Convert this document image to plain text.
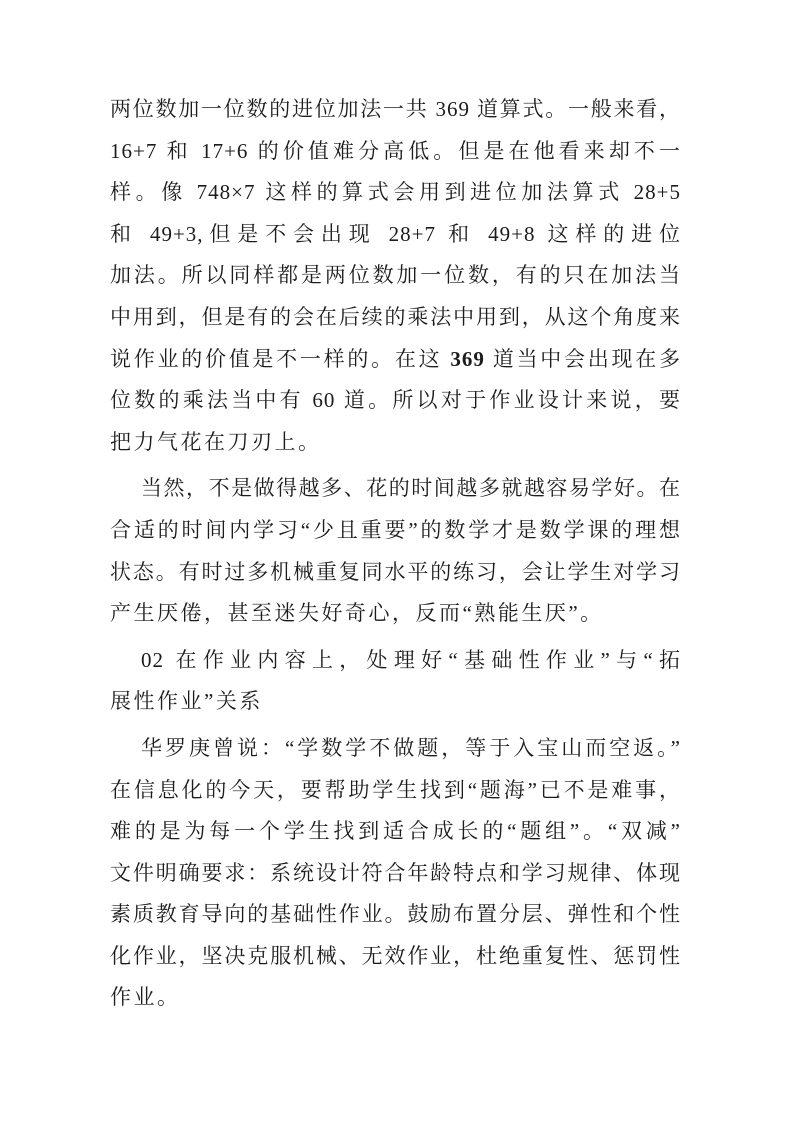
两位数加一位数的进位加法一共 369 道算式。一般来看，
16+7 和 17+6 的价值难分高低。但是在他看来却不一
样。像 748×7 这样的算式会用到进位加法算式 28+5
和 49+3,但是不会出现 28+7 和 49+8 这样的进位
加法。所以同样都是两位数加一位数，有的只在加法当
中用到，但是有的会在后续的乘法中用到，从这个角度来
说作业的价值是不一样的。在这 369 道当中会出现在多
位数的乘法当中有 60 道。所以对于作业设计来说，要
把力气花在刀刃上。
当然，不是做得越多、花的时间越多就越容易学好。在
合适的时间内学习“少且重要”的数学才是数学课的理想
状态。有时过多机械重复同水平的练习，会让学生对学习
产生厌倦，甚至迷失好奇心，反而“熟能生厌”。
02 在作业内容上，处理好“基础性作业”与“拓
展性作业”关系
华罗庚曾说：“学数学不做题，等于入宝山而空返。”
在信息化的今天，要帮助学生找到“题海”已不是难事，
难的是为每一个学生找到适合成长的“题组”。“双减”
文件明确要求：系统设计符合年龄特点和学习规律、体现
素质教育导向的基础性作业。鼓励布置分层、弹性和个性
化作业，坚决克服机械、无效作业，杜绝重复性、惩罚性
作业。
